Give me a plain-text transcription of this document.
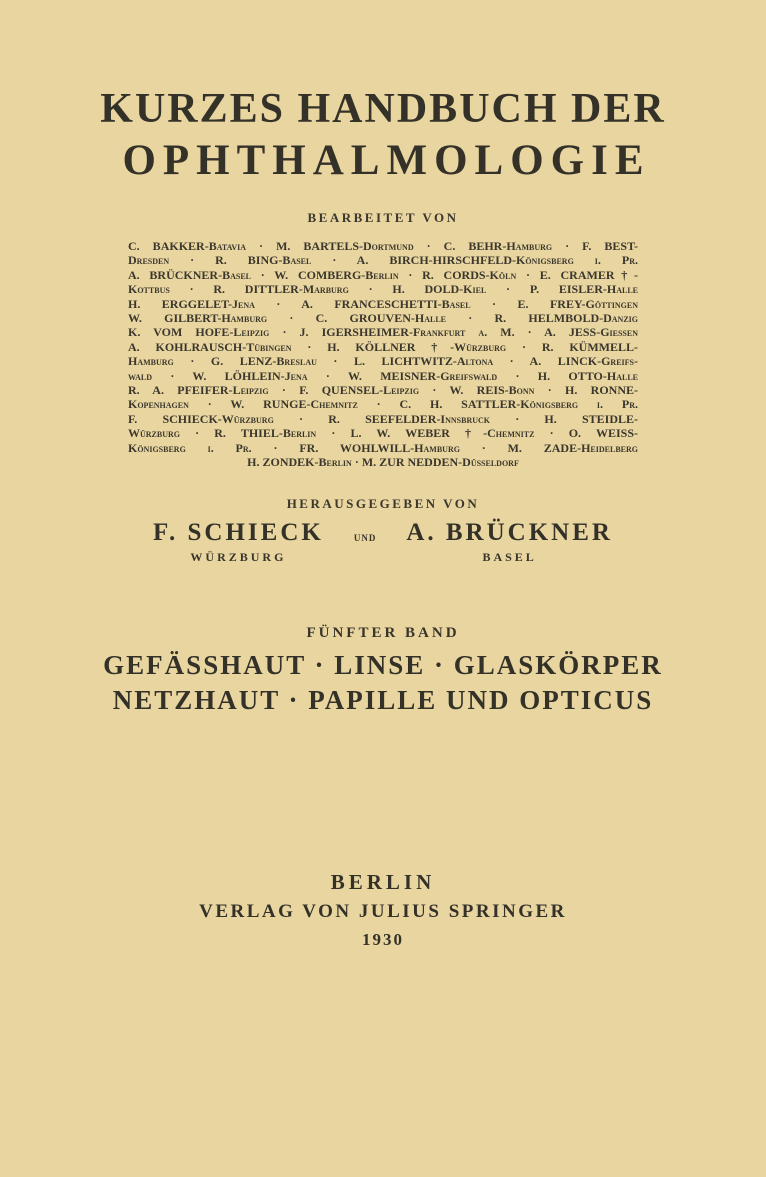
KURZES HANDBUCH DER
OPHTHALMOLOGIE
BEARBEITET VON
C. BAKKER-Batavia · M. BARTELS-Dortmund · C. BEHR-Hamburg · F. BEST-
Dresden · R. BING-Basel · A. BIRCH-HIRSCHFELD-Königsberg i. Pr.
A. BRÜCKNER-Basel · W. COMBERG-Berlin · R. CORDS-Köln · E. CRAMER†-
Kottbus · R. DITTLER-Marburg · H. DOLD-Kiel · P. EISLER-Halle
H. ERGGELET-Jena · A. FRANCESCHETTI-Basel · E. FREY-Göttingen
W. GILBERT-Hamburg · C. GROUVEN-Halle · R. HELMBOLD-Danzig
K. VOM HOFE-Leipzig · J. IGERSHEIMER-Frankfurt a. M. · A. JESS-Giessen
A. KOHLRAUSCH-Tübingen · H. KÖLLNER †-Würzburg · R. KÜMMELL-
Hamburg · G. LENZ-Breslau · L. LICHTWITZ-Altona · A. LINCK-Greifs-
wald · W. LÖHLEIN-Jena · W. MEISNER-Greifswald · H. OTTO-Halle
R. A. PFEIFER-Leipzig · F. QUENSEL-Leipzig · W. REIS-Bonn · H. RONNE-
Kopenhagen · W. RUNGE-Chemnitz · C. H. SATTLER-Königsberg i. Pr.
F. SCHIECK-Würzburg · R. SEEFELDER-Innsbruck · H. STEIDLE-
Würzburg · R. THIEL-Berlin · L. W. WEBER †-Chemnitz · O. WEISS-
Königsberg i. Pr. · FR. WOHLWILL-Hamburg · M. ZADE-Heidelberg
H. ZONDEK-Berlin · M. ZUR NEDDEN-Düsseldorf
HERAUSGEGEBEN VON
F. SCHIECK
WÜRZBURG
und A. BRÜCKNER
BASEL
FÜNFTER BAND
GEFÄSSHAUT · LINSE · GLASKÖRPER
NETZHAUT · PAPILLE UND OPTICUS
BERLIN
VERLAG VON JULIUS SPRINGER
1930
